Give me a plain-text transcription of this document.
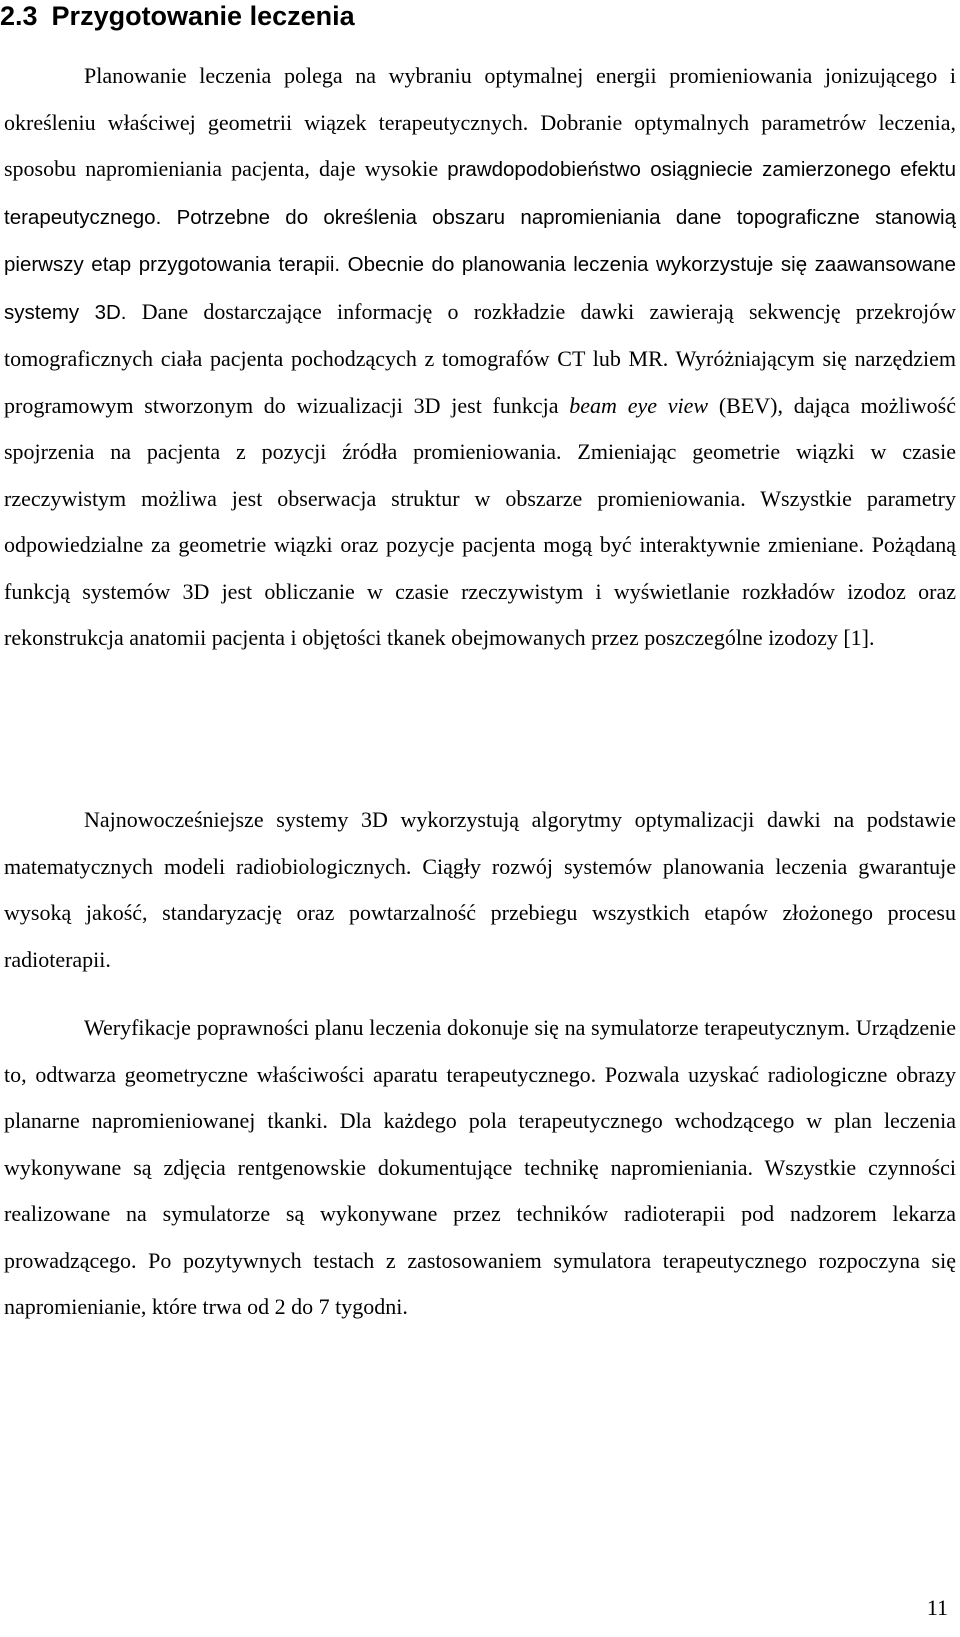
2.3 Przygotowanie leczenia

Planowanie leczenia polega na wybraniu optymalnej energii promieniowania jonizującego i określeniu właściwej geometrii wiązek terapeutycznych. Dobranie optymalnych parametrów leczenia, sposobu napromieniania pacjenta, daje wysokie prawdopodobieństwo osiągniecie zamierzonego efektu terapeutycznego. Potrzebne do określenia obszaru napromieniania dane topograficzne stanowią pierwszy etap przygotowania terapii. Obecnie do planowania leczenia wykorzystuje się zaawansowane systemy 3D. Dane dostarczające informację o rozkładzie dawki zawierają sekwencję przekrojów tomograficznych ciała pacjenta pochodzących z tomografów CT lub MR. Wyróżniającym się narzędziem programowym stworzonym do wizualizacji 3D jest funkcja beam eye view (BEV), dająca możliwość spojrzenia na pacjenta z pozycji źródła promieniowania. Zmieniając geometrie wiązki w czasie rzeczywistym możliwa jest obserwacja struktur w obszarze promieniowania. Wszystkie parametry odpowiedzialne za geometrie wiązki oraz pozycje pacjenta mogą być interaktywnie zmieniane. Pożądaną funkcją systemów 3D jest obliczanie w czasie rzeczywistym i wyświetlanie rozkładów izodoz oraz rekonstrukcja anatomii pacjenta i objętości tkanek obejmowanych przez poszczególne izodozy [1].

Najnowocześniejsze systemy 3D wykorzystują algorytmy optymalizacji dawki na podstawie matematycznych modeli radiobiologicznych. Ciągły rozwój systemów planowania leczenia gwarantuje wysoką jakość, standaryzację oraz powtarzalność przebiegu wszystkich etapów złożonego procesu radioterapii.

Weryfikacje poprawności planu leczenia dokonuje się na symulatorze terapeutycznym. Urządzenie to, odtwarza geometryczne właściwości aparatu terapeutycznego. Pozwala uzyskać radiologiczne obrazy planarne napromieniowanej tkanki. Dla każdego pola terapeutycznego wchodzącego w plan leczenia wykonywane są zdjęcia rentgenowskie dokumentujące technikę napromieniania. Wszystkie czynności realizowane na symulatorze są wykonywane przez techników radioterapii pod nadzorem lekarza prowadzącego. Po pozytywnych testach z zastosowaniem symulatora terapeutycznego rozpoczyna się napromienianie, które trwa od 2 do 7 tygodni.

11
